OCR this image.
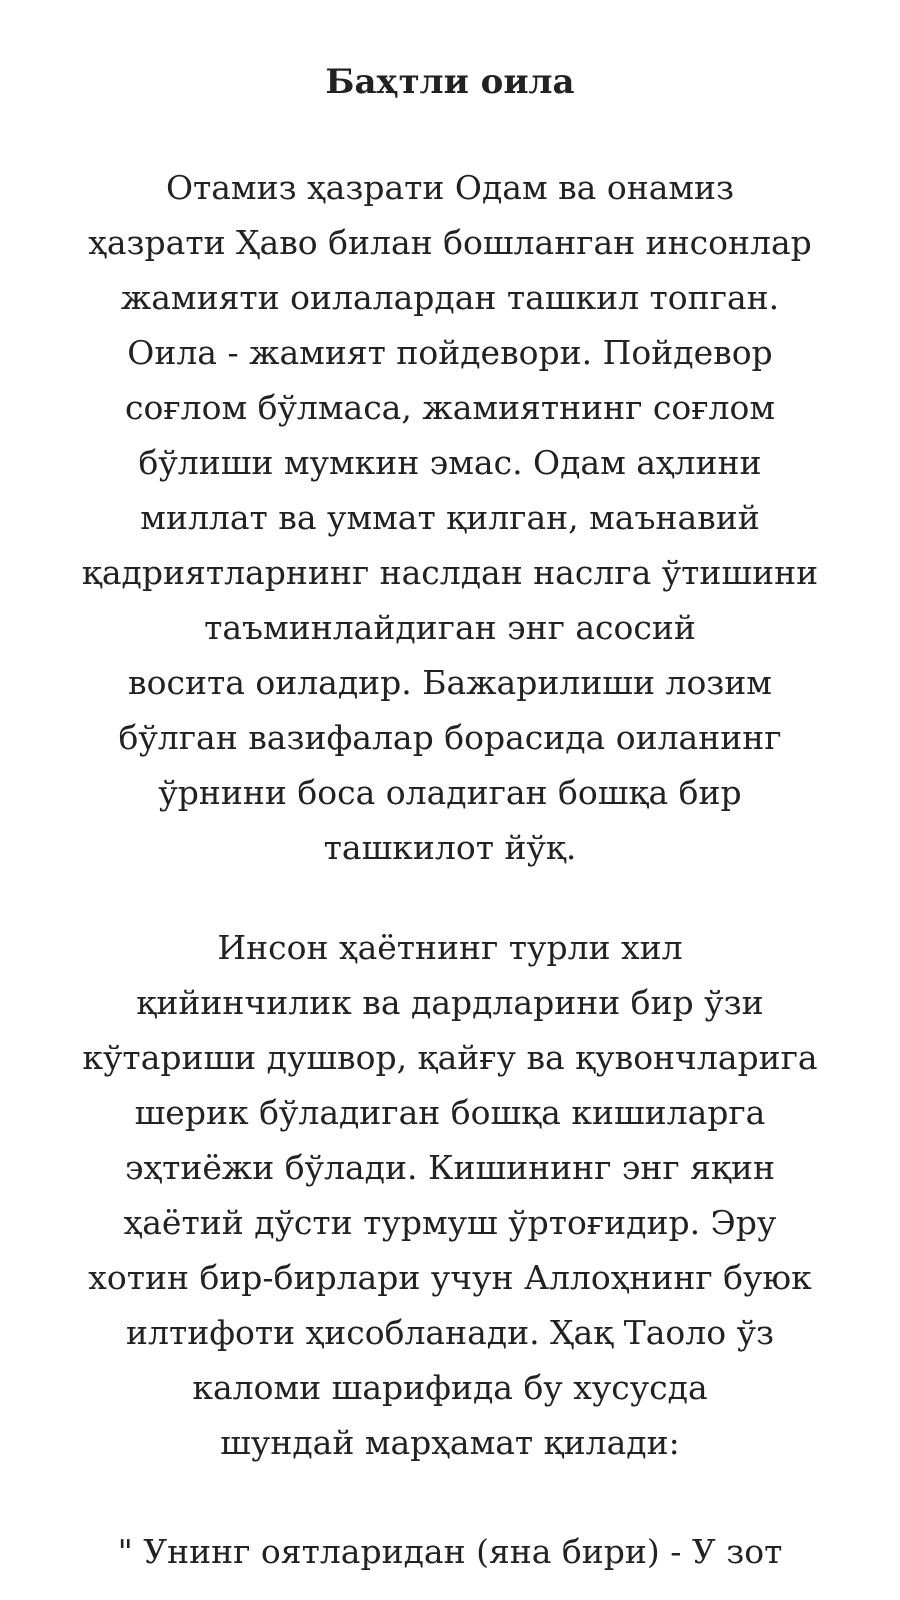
Баҳтли оила

Отамиз ҳазрати Одам ва онамиз
ҳазрати Ҳаво билан бошланган инсонлар
жамияти оилалардан ташкил топган.
Оила - жамият пойдевори. Пойдевор
соғлом бўлмаса, жамиятнинг соғлом
бўлиши мумкин эмас. Одам аҳлини
миллат ва уммат қилган, маънавий
қадриятларнинг наслдан наслга ўтишини
таъминлайдиган энг асосий
восита оиладир. Бажарилиши лозим
бўлган вазифалар борасида оиланинг
ўрнини боса оладиган бошқа бир
ташкилот йўқ.

Инсон ҳаётнинг турли хил
қийинчилик ва дардларини бир ўзи
кўтариши душвор, қайғу ва қувончларига
шерик бўладиган бошқа кишиларга
эҳтиёжи бўлади. Кишининг энг яқин
ҳаётий дўсти турмуш ўртоғидир. Эру
хотин бир-бирлари учун Аллоҳнинг буюк
илтифоти ҳисобланади. Ҳақ Таоло ўз
каломи шарифида бу хусусда
шундай марҳамат қилади:

" Унинг оятларидан (яна бири) - У зот
